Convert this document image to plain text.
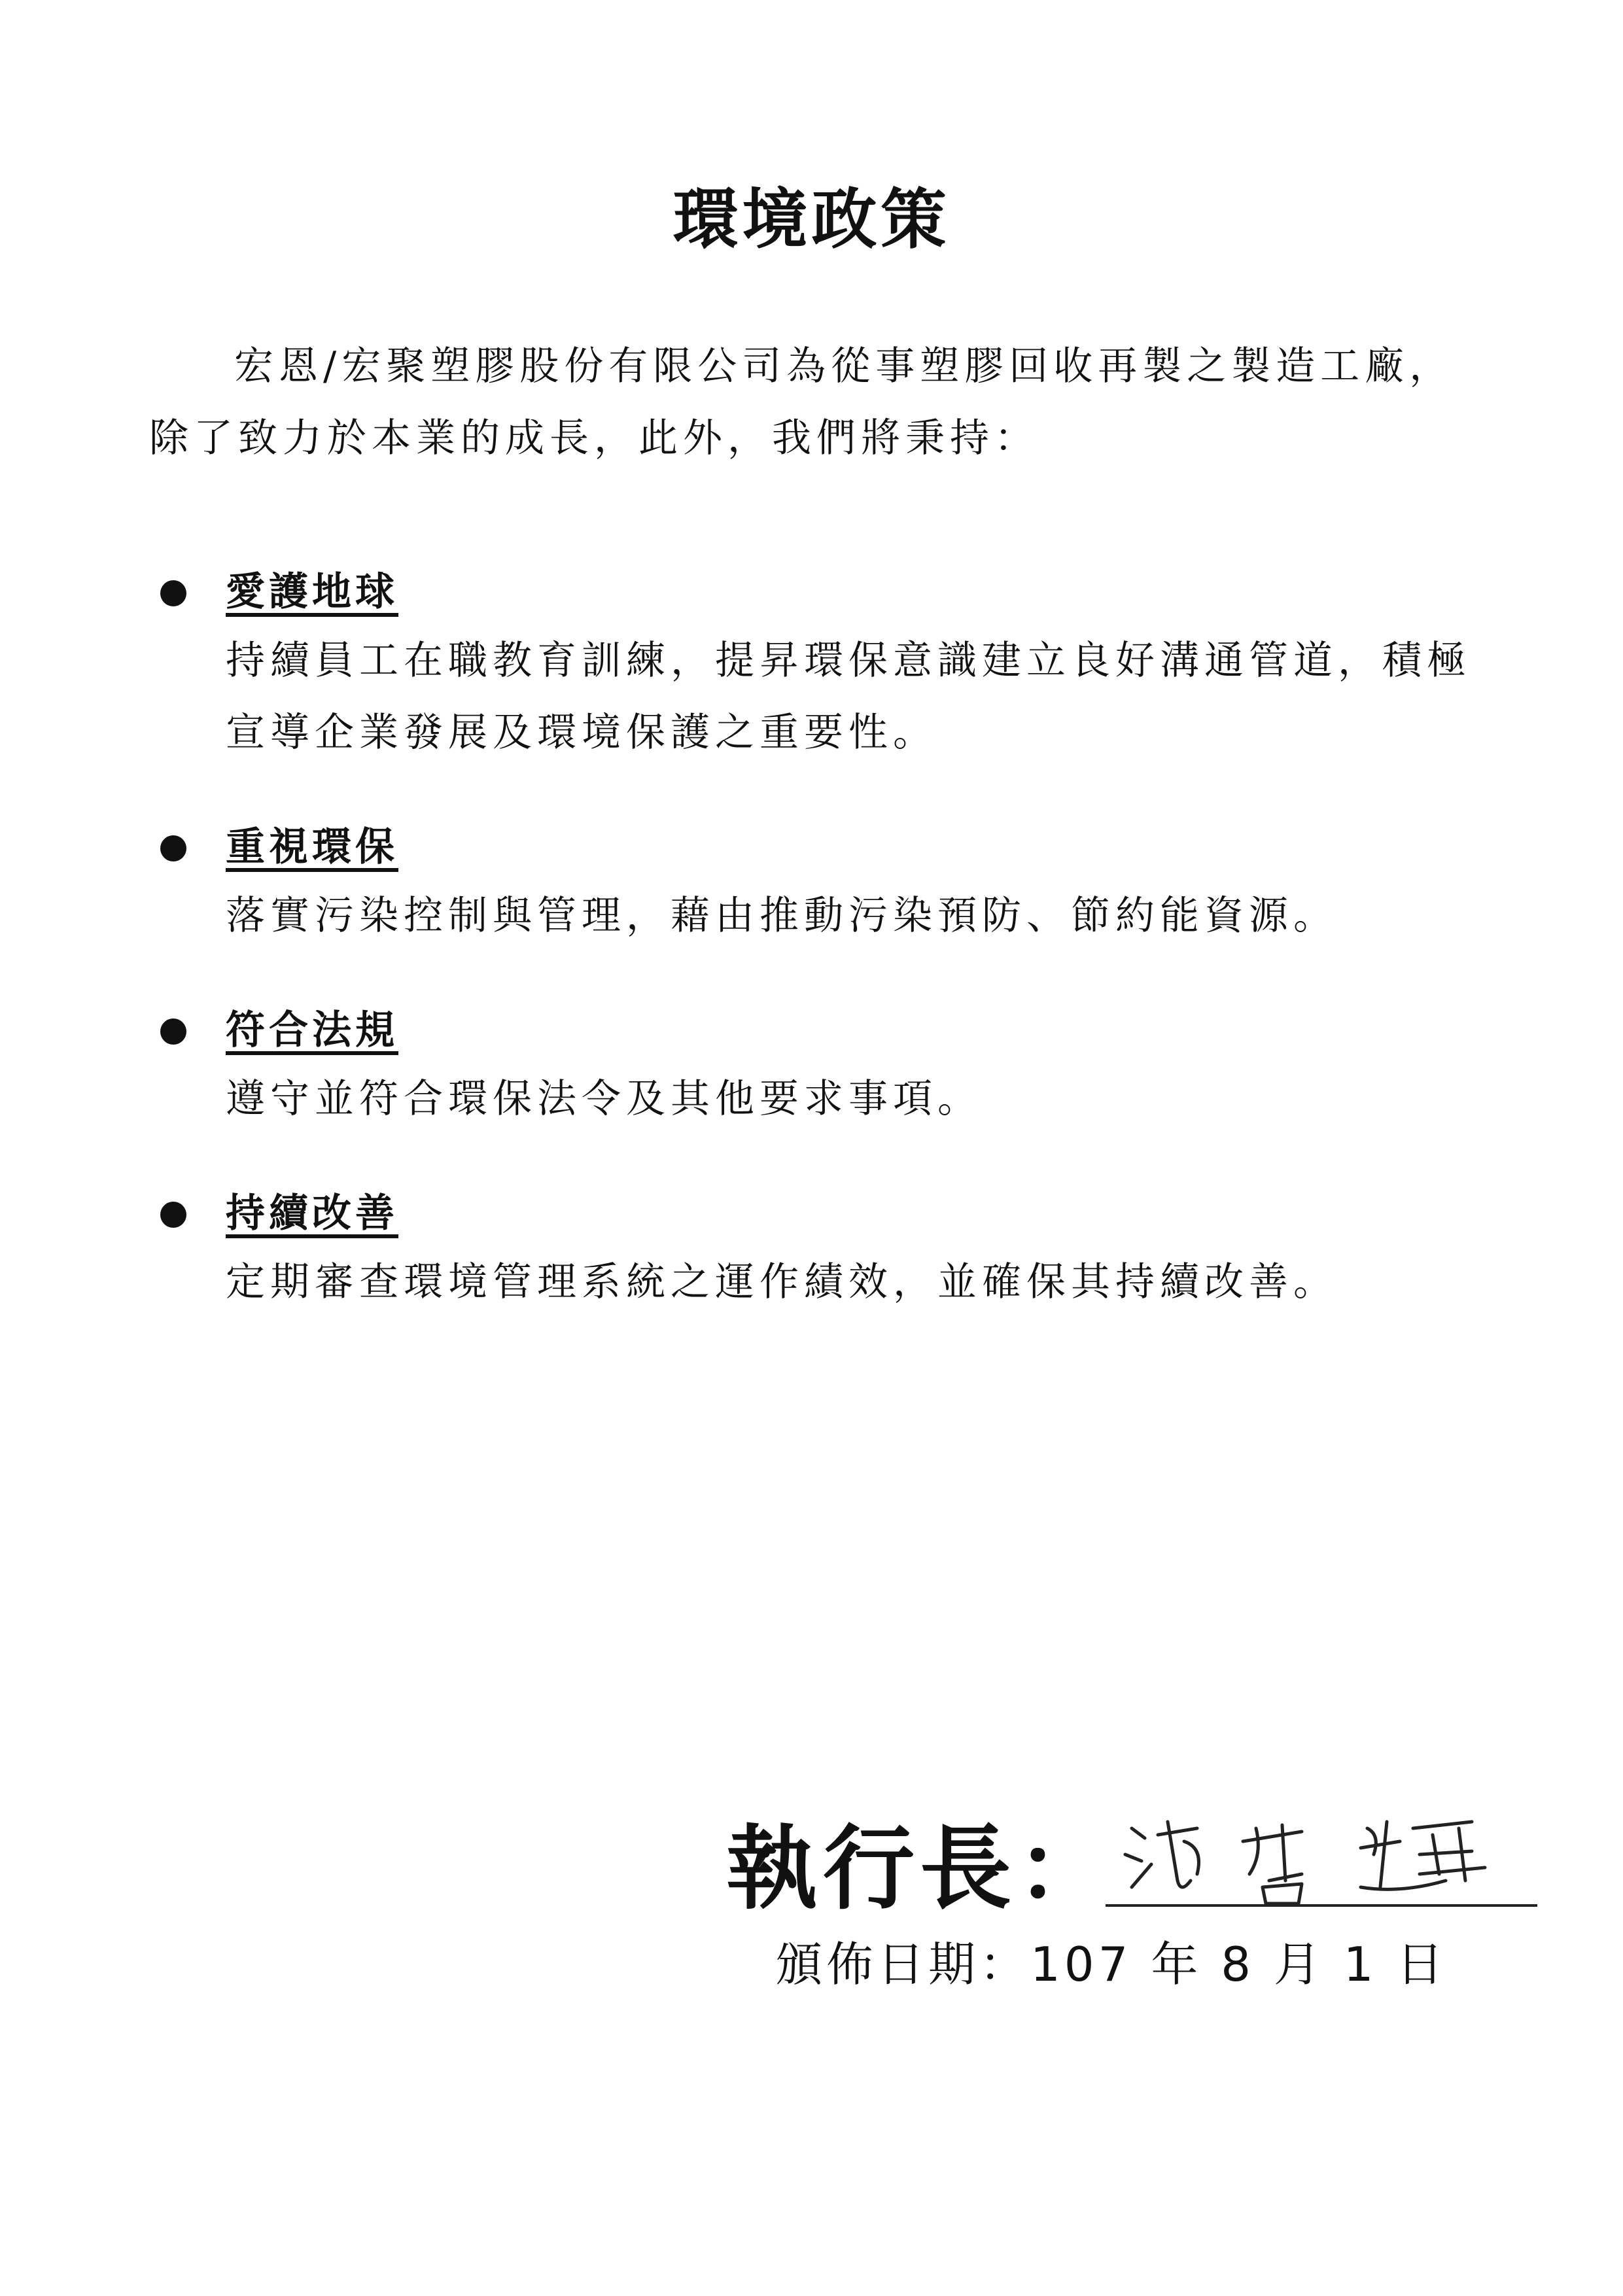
環境政策
宏恩/宏聚塑膠股份有限公司為從事塑膠回收再製之製造工廠，除了致力於本業的成長，此外，我們將秉持：
愛護地球
持續員工在職教育訓練，提昇環保意識建立良好溝通管道，積極宣導企業發展及環境保護之重要性。
重視環保
落實污染控制與管理，藉由推動污染預防、節約能資源。
符合法規
遵守並符合環保法令及其他要求事項。
持續改善
定期審查環境管理系統之運作績效，並確保其持續改善。
執行長：
頒佈日期：107 年 8 月 1 日
